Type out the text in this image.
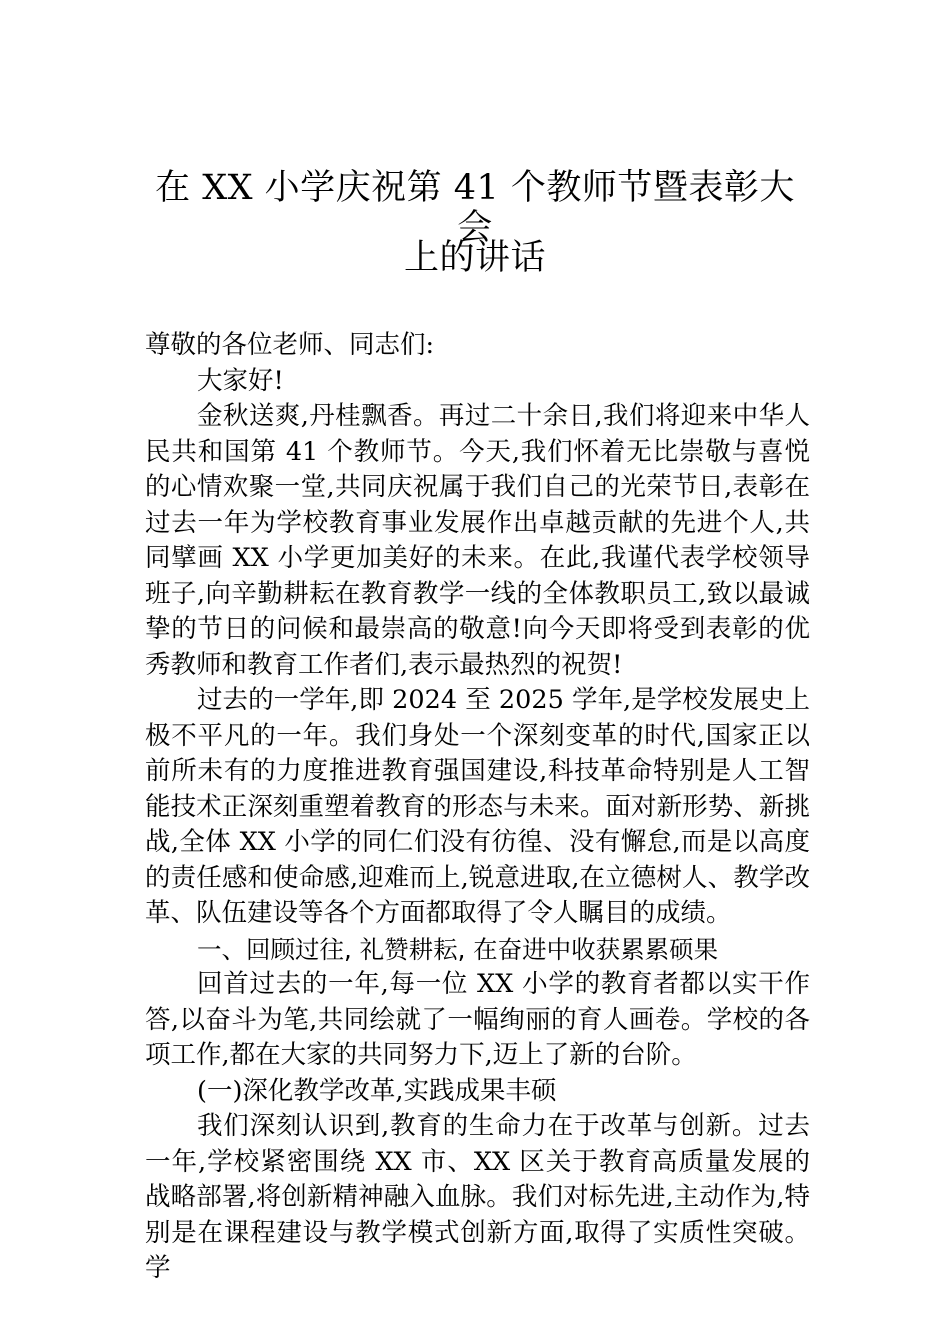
在 XX 小学庆祝第 41 个教师节暨表彰大会
上的讲话

尊敬的各位老师、同志们:

大家好!

金秋送爽,丹桂飘香。再过二十余日,我们将迎来中华人民共和国第 41 个教师节。今天,我们怀着无比崇敬与喜悦的心情欢聚一堂,共同庆祝属于我们自己的光荣节日,表彰在过去一年为学校教育事业发展作出卓越贡献的先进个人,共同擘画 XX 小学更加美好的未来。在此,我谨代表学校领导班子,向辛勤耕耘在教育教学一线的全体教职员工,致以最诚挚的节日的问候和最崇高的敬意!向今天即将受到表彰的优秀教师和教育工作者们,表示最热烈的祝贺!

过去的一学年,即 2024 至 2025 学年,是学校发展史上极不平凡的一年。我们身处一个深刻变革的时代,国家正以前所未有的力度推进教育强国建设,科技革命特别是人工智能技术正深刻重塑着教育的形态与未来。面对新形势、新挑战,全体 XX 小学的同仁们没有彷徨、没有懈怠,而是以高度的责任感和使命感,迎难而上,锐意进取,在立德树人、教学改革、队伍建设等各个方面都取得了令人瞩目的成绩。

一、回顾过往, 礼赞耕耘, 在奋进中收获累累硕果

回首过去的一年,每一位 XX 小学的教育者都以实干作答,以奋斗为笔,共同绘就了一幅绚丽的育人画卷。学校的各项工作,都在大家的共同努力下,迈上了新的台阶。

(一)深化教学改革,实践成果丰硕

我们深刻认识到,教育的生命力在于改革与创新。过去一年,学校紧密围绕 XX 市、XX 区关于教育高质量发展的战略部署,将创新精神融入血脉。我们对标先进,主动作为,特别是在课程建设与教学模式创新方面,取得了实质性突破。学
